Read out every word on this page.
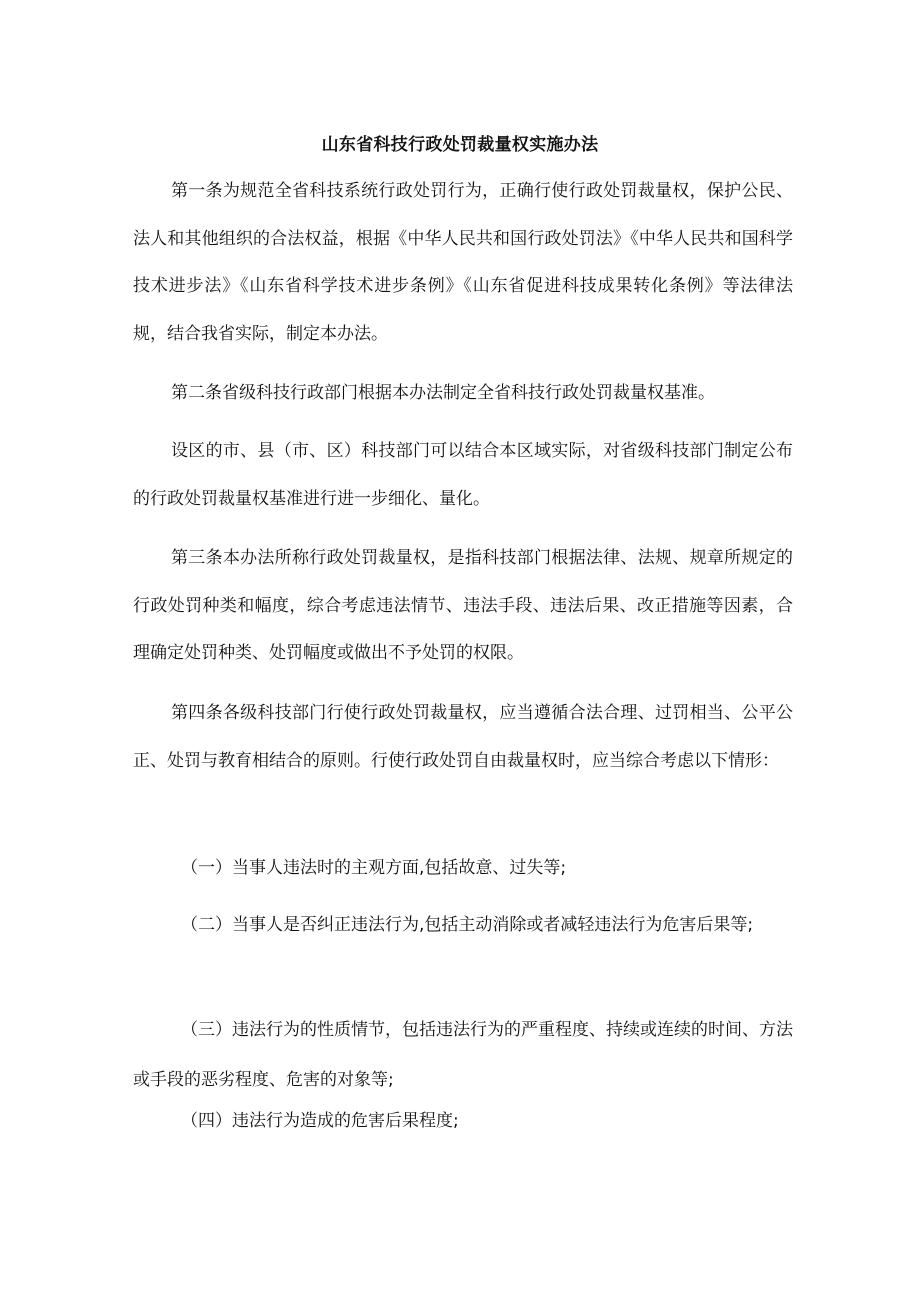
山东省科技行政处罚裁量权实施办法
第一条为规范全省科技系统行政处罚行为，正确行使行政处罚裁量权，保护公民、法人和其他组织的合法权益，根据《中华人民共和国行政处罚法》《中华人民共和国科学技术进步法》《山东省科学技术进步条例》《山东省促进科技成果转化条例》等法律法规，结合我省实际，制定本办法。
第二条省级科技行政部门根据本办法制定全省科技行政处罚裁量权基准。
设区的市、县（市、区）科技部门可以结合本区域实际，对省级科技部门制定公布的行政处罚裁量权基准进行进一步细化、量化。
第三条本办法所称行政处罚裁量权，是指科技部门根据法律、法规、规章所规定的行政处罚种类和幅度，综合考虑违法情节、违法手段、违法后果、改正措施等因素，合理确定处罚种类、处罚幅度或做出不予处罚的权限。
第四条各级科技部门行使行政处罚裁量权，应当遵循合法合理、过罚相当、公平公正、处罚与教育相结合的原则。行使行政处罚自由裁量权时，应当综合考虑以下情形：
（一）当事人违法时的主观方面,包括故意、过失等;
（二）当事人是否纠正违法行为,包括主动消除或者减轻违法行为危害后果等;
（三）违法行为的性质情节，包括违法行为的严重程度、持续或连续的时间、方法或手段的恶劣程度、危害的对象等;
（四）违法行为造成的危害后果程度;
